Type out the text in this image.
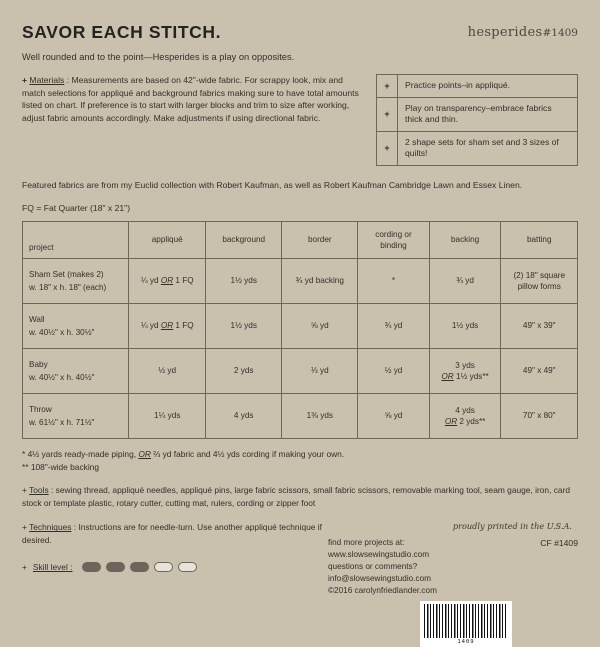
SAVOR EACH STITCH.	hesperides#1409
Well rounded and to the point—Hesperides is a play on opposites.
+ Materials : Measurements are based on 42"-wide fabric. For scrappy look, mix and match selections for appliqué and background fabrics making sure to have total amounts listed on chart. If preference is to start with larger blocks and trim to size after working, adjust fabric amounts accordingly. Make adjustments if using directional fabric.
+	Practice points–in appliqué.
+
Play on transparency–embrace fabrics thick and thin.
+
2 shape sets for sham set and 3 sizes of quilts!
Featured fabrics are from my Euclid collection with Robert Kaufman, as well as Robert Kaufman Cambridge Lawn and Essex Linen.
FQ = Fat Quarter (18" x 21")
project	appliqué	background	border	cording or binding	backing	batting

Sham Set (makes 2)
w. 18" x h. 18" (each)	¼ yd OR 1 FQ	1½ yds	¾ yd backing	*	¾ yd	(2) 18" square
pillow forms

Wall
w. 40½" x h. 30½"	¼ yd OR 1 FQ	1½ yds	⅝ yd	¾ yd	1½ yds	49" x 39"

Baby
w. 40½" x h. 40½"	½ yd	2 yds	⅓ yd	½ yd	3 yds
OR 1½ yds**	49" x 49"

Throw
w. 61½" x h. 71½"	1¼ yds	4 yds	1⅜ yds	⅝ yd	4 yds
OR 2 yds**	70" x 80"
* 4½ yards ready-made piping, OR ⅔ yd fabric and 4½ yds cording if making your own.
** 108"-wide backing
+ Tools : sewing thread, appliqué needles, appliqué pins, large fabric scissors, small fabric scissors, removable marking tool, seam gauge, iron, card stock or template plastic, rotary cutter, cutting mat, rulers, cording or zipper foot
+ Techniques : Instructions are for needle-turn. Use another appliqué technique if desired.
+ Skill level :
proudly printed in the U.S.A.
find more projects at:
www.slowsewingstudio.com
questions or comments?
info@slowsewingstudio.com
©2016 carolynfriedlander.com
CF #1409
1409
